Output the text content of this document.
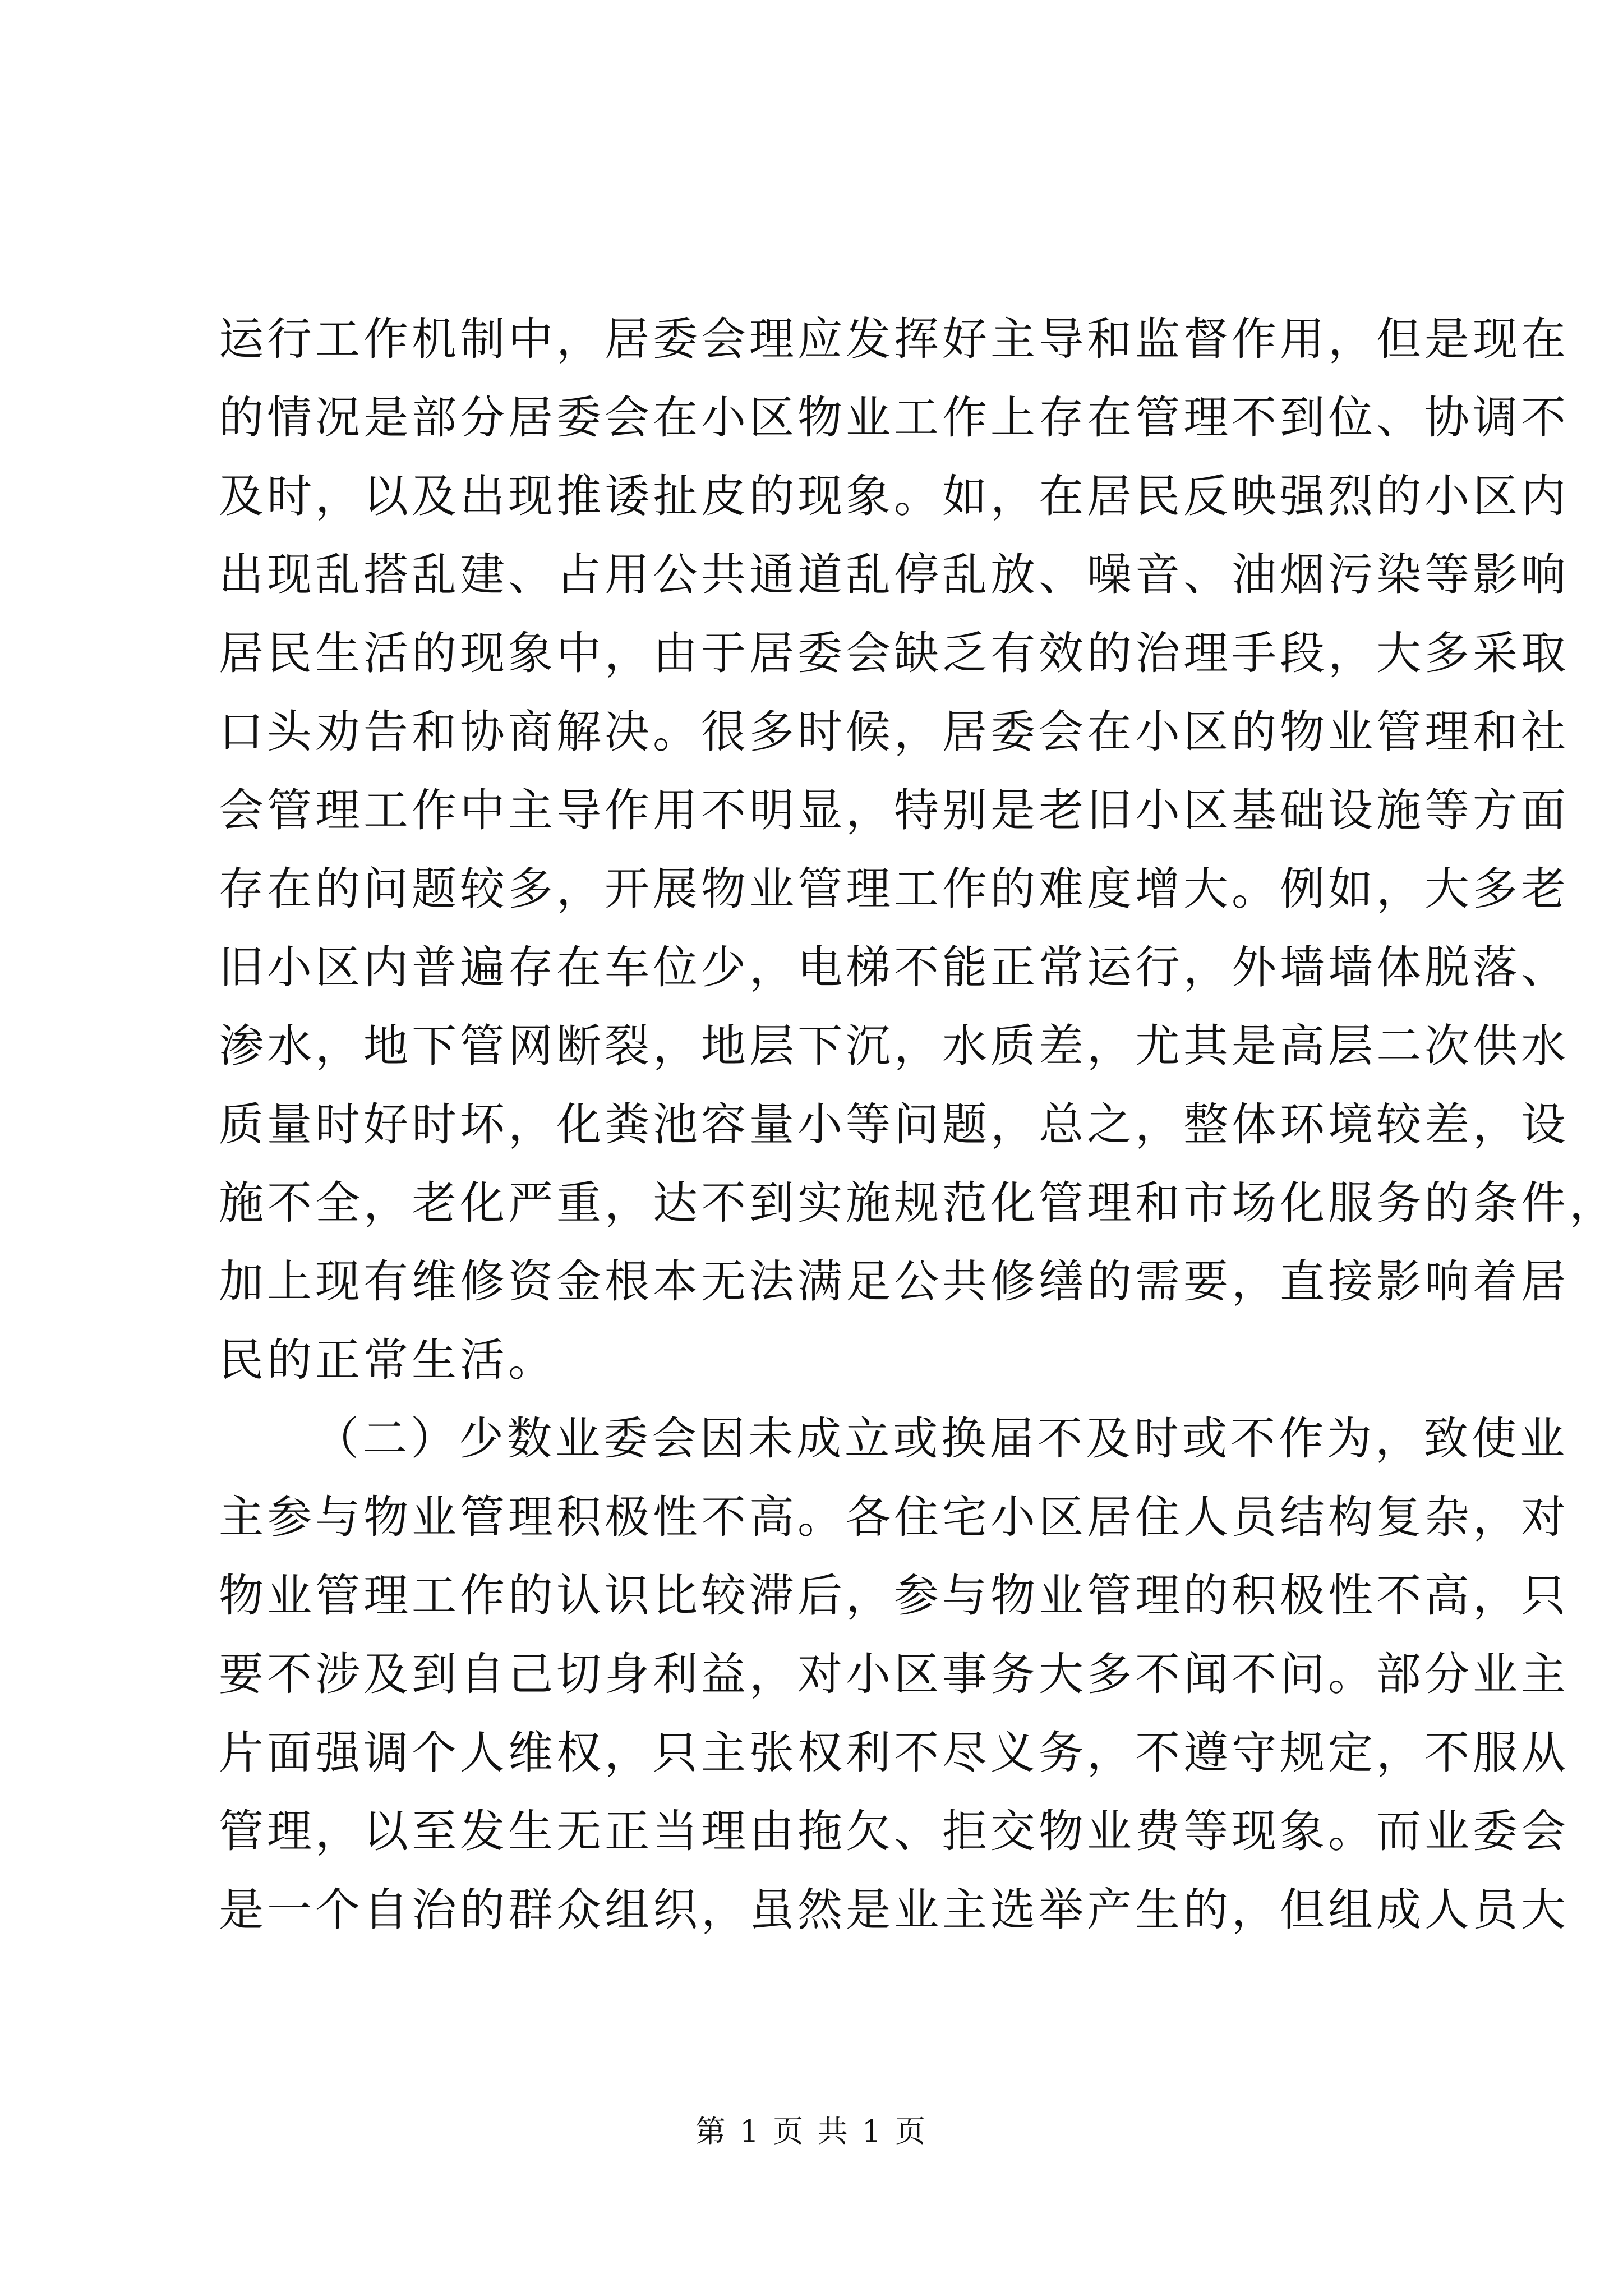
运行工作机制中，居委会理应发挥好主导和监督作用，但是现在
的情况是部分居委会在小区物业工作上存在管理不到位、协调不
及时，以及出现推诿扯皮的现象。如，在居民反映强烈的小区内
出现乱搭乱建、占用公共通道乱停乱放、噪音、油烟污染等影响
居民生活的现象中，由于居委会缺乏有效的治理手段，大多采取
口头劝告和协商解决。很多时候，居委会在小区的物业管理和社
会管理工作中主导作用不明显，特别是老旧小区基础设施等方面
存在的问题较多，开展物业管理工作的难度增大。例如，大多老
旧小区内普遍存在车位少，电梯不能正常运行，外墙墙体脱落、
渗水，地下管网断裂，地层下沉，水质差，尤其是高层二次供水
质量时好时坏，化粪池容量小等问题，总之，整体环境较差，设
施不全，老化严重，达不到实施规范化管理和市场化服务的条件，
加上现有维修资金根本无法满足公共修缮的需要，直接影响着居
民的正常生活。
（二）少数业委会因未成立或换届不及时或不作为，致使业
主参与物业管理积极性不高。各住宅小区居住人员结构复杂，对
物业管理工作的认识比较滞后，参与物业管理的积极性不高，只
要不涉及到自己切身利益，对小区事务大多不闻不问。部分业主
片面强调个人维权，只主张权利不尽义务，不遵守规定，不服从
管理，以至发生无正当理由拖欠、拒交物业费等现象。而业委会
是一个自治的群众组织，虽然是业主选举产生的，但组成人员大
第 1 页 共 1 页
